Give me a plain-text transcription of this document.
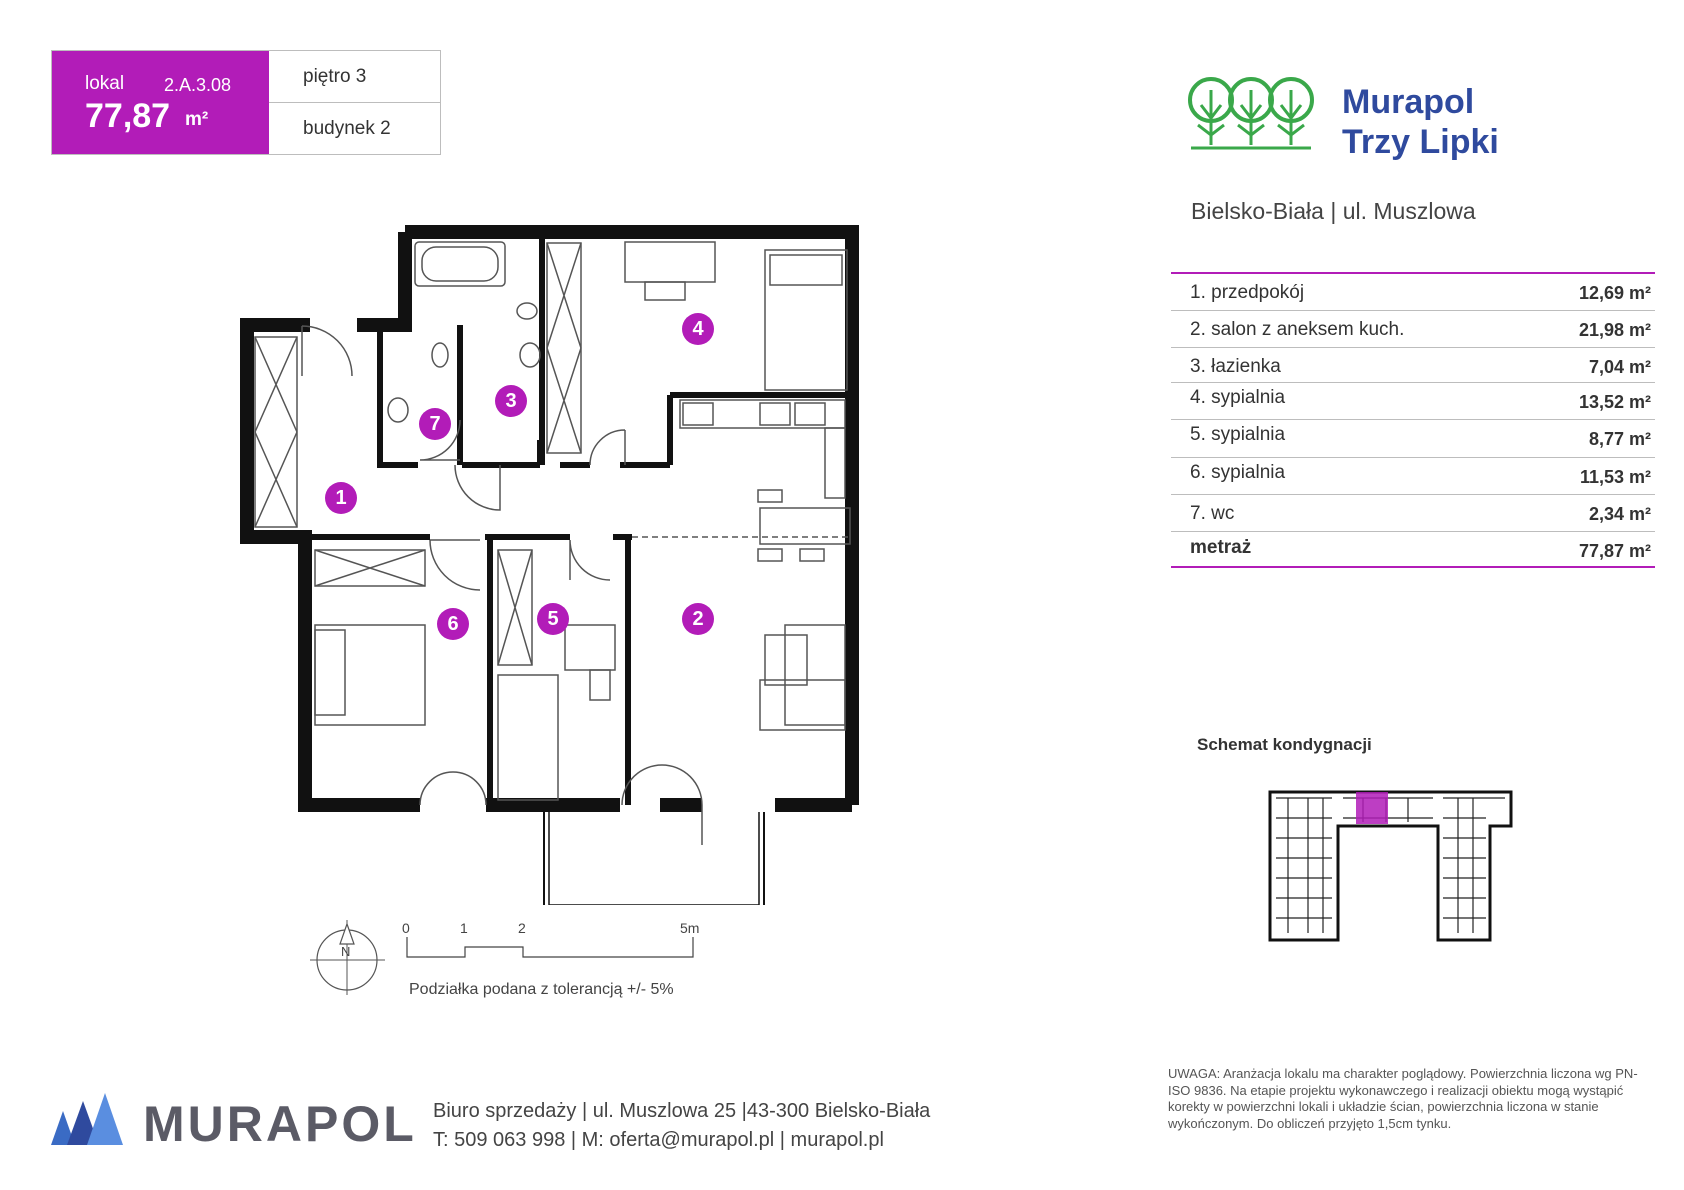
lokal 2.A.3.08
77,87 m²
piętro 3
budynek 2
Murapol
Trzy Lipki
Bielsko-Biała | ul. Muszlowa
1. przedpokój	12,69 m²
2. salon z aneksem kuch.	21,98 m²
3. łazienka	7,04 m²
4. sypialnia	13,52 m²
5. sypialnia	8,77 m²
6. sypialnia	11,53 m²
7. wc	2,34 m²
metraż	77,87 m²
1
2
3
4
5
6
7
N
0	1	2	5m
Podziałka podana z tolerancją +/- 5%
Schemat kondygnacji
MURAPOL Biuro sprzedaży | ul. Muszlowa 25 |43-300 Bielsko-Biała
T: 509 063 998 | M: oferta@murapol.pl | murapol.pl
UWAGA: Aranżacja lokalu ma charakter poglądowy. Powierzchnia liczona wg PN-ISO 9836. Na etapie projektu wykonawczego i realizacji obiektu mogą wystąpić korekty w powierzchni lokali i układzie ścian, powierzchnia liczona w stanie wykończonym. Do obliczeń przyjęto 1,5cm tynku.
